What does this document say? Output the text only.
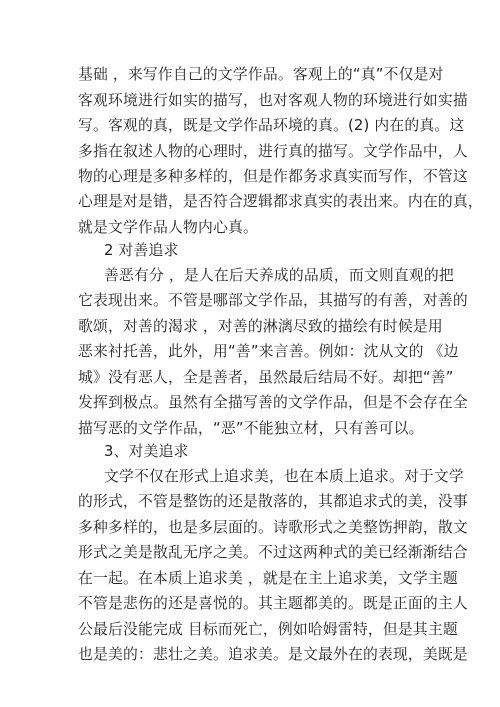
基础 ，来写作自己的文学作品。客观上的“真”不仅是对
客观环境进行如实的描写，也对客观人物的环境进行如实描
写。客观的真，既是文学作品环境的真。(2) 内在的真。这
多指在叙述人物的心理时，进行真的描写。文学作品中，人
物的心理是多种多样的，但是作都务求真实而写作，不管这
心理是对是错，是否符合逻辑都求真实的表出来。内在的真，
就是文学作品人物内心真。
2 对善追求
善恶有分 ，是人在后天养成的品质，而文则直观的把
它表现出来。不管是哪部文学作品，其描写的有善，对善的
歌颂，对善的渴求 ，对善的淋漓尽致的描绘有时候是用
恶来衬托善，此外，用“善”来言善。例如：沈从文的 《边
城》没有恶人，全是善者，虽然最后结局不好。却把“善”
发挥到极点。虽然有全描写善的文学作品，但是不会存在全
描写恶的文学作品，“恶”不能独立材，只有善可以。
3、对美追求
文学不仅在形式上追求美，也在本质上追求。对于文学
的形式，不管是整饬的还是散落的，其都追求式的美，没事
多种多样的，也是多层面的。诗歌形式之美整饬押韵，散文
形式之美是散乱无序之美。不过这两种式的美已经渐渐结合
在一起。在本质上追求美 ，就是在主上追求美，文学主题
不管是悲伤的还是喜悦的。其主题都美的。既是正面的主人
公最后没能完成 目标而死亡，例如哈姆雷特，但是其主题
也是美的：悲壮之美。追求美。是文最外在的表现，美既是
